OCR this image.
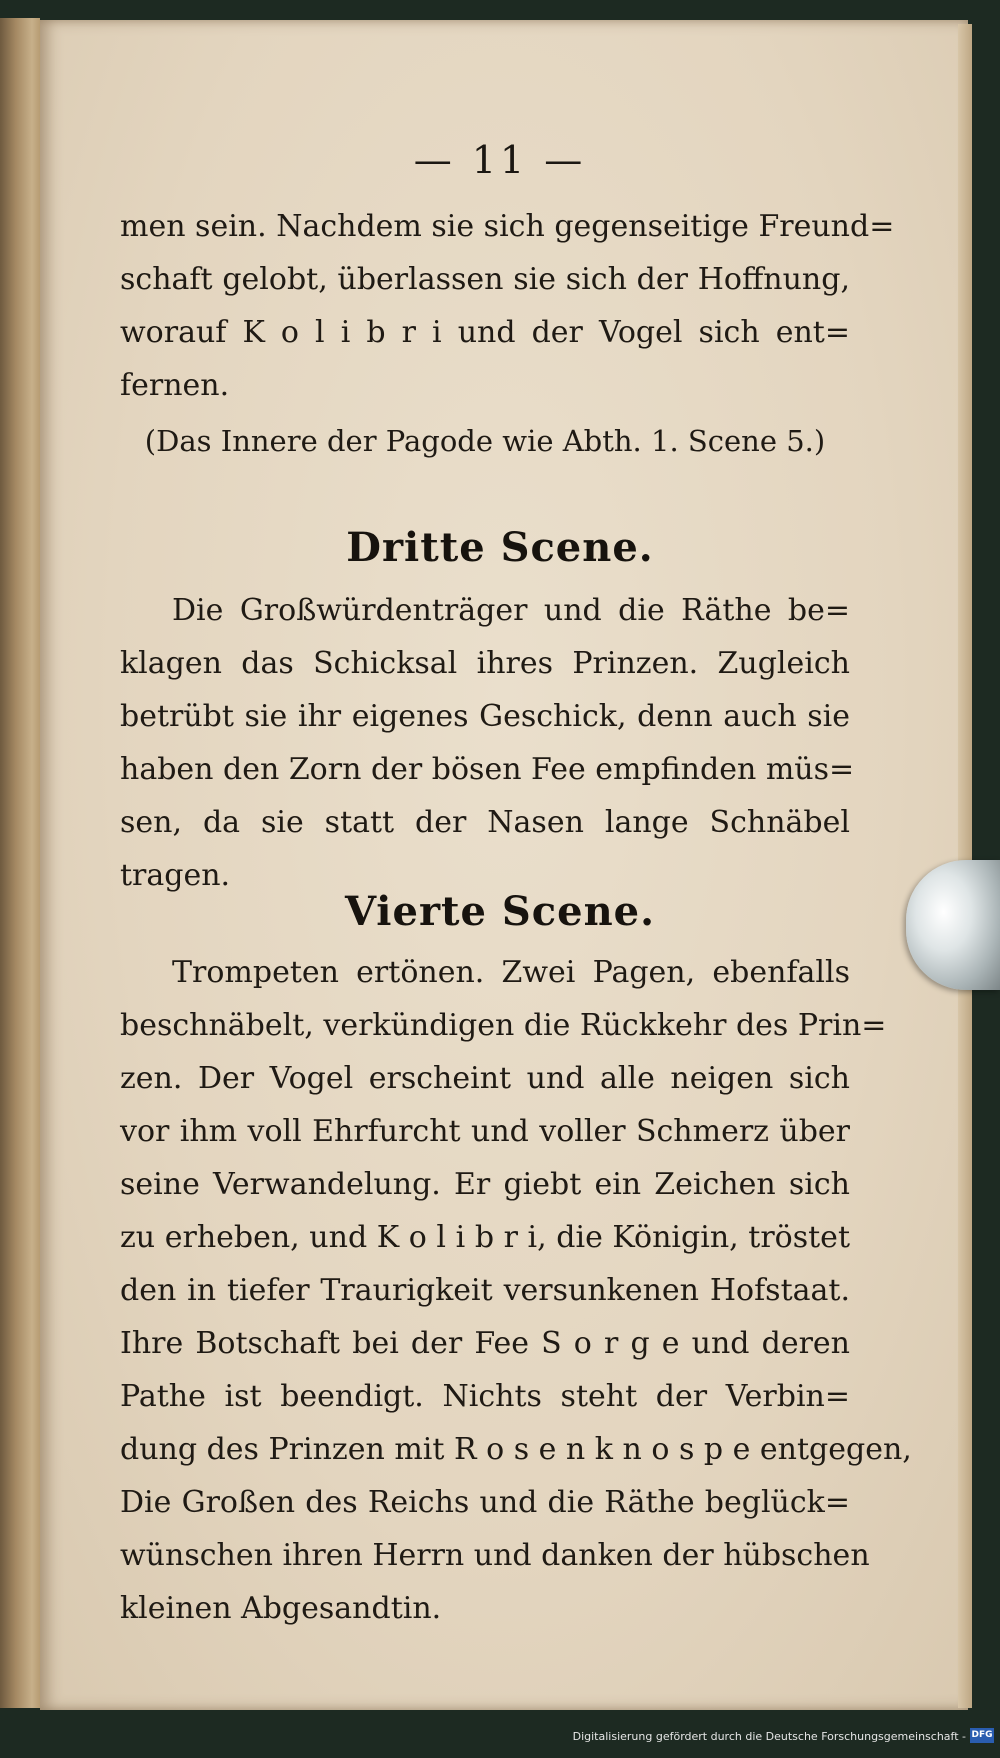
— 11 —
men sein. Nachdem sie sich gegenseitige Freund=
schaft gelobt, überlassen sie sich der Hoffnung,
worauf K o l i b r i und der Vogel sich ent=
fernen.
(Das Innere der Pagode wie Abth. 1. Scene 5.)
Dritte Scene.
Die Großwürdenträger und die Räthe be=
klagen das Schicksal ihres Prinzen. Zugleich
betrübt sie ihr eigenes Geschick, denn auch sie
haben den Zorn der bösen Fee empfinden müs=
sen, da sie statt der Nasen lange Schnäbel
tragen.
Vierte Scene.
Trompeten ertönen. Zwei Pagen, ebenfalls
beschnäbelt, verkündigen die Rückkehr des Prin=
zen. Der Vogel erscheint und alle neigen sich
vor ihm voll Ehrfurcht und voller Schmerz über
seine Verwandelung. Er giebt ein Zeichen sich
zu erheben, und K o l i b r i, die Königin, tröstet
den in tiefer Traurigkeit versunkenen Hofstaat.
Ihre Botschaft bei der Fee S o r g e und deren
Pathe ist beendigt. Nichts steht der Verbin=
dung des Prinzen mit R o s e n k n o s p e entgegen,
Die Großen des Reichs und die Räthe beglück=
wünschen ihren Herrn und danken der hübschen
kleinen Abgesandtin.
Digitalisierung gefördert durch die Deutsche Forschungsgemeinschaft - DFG
